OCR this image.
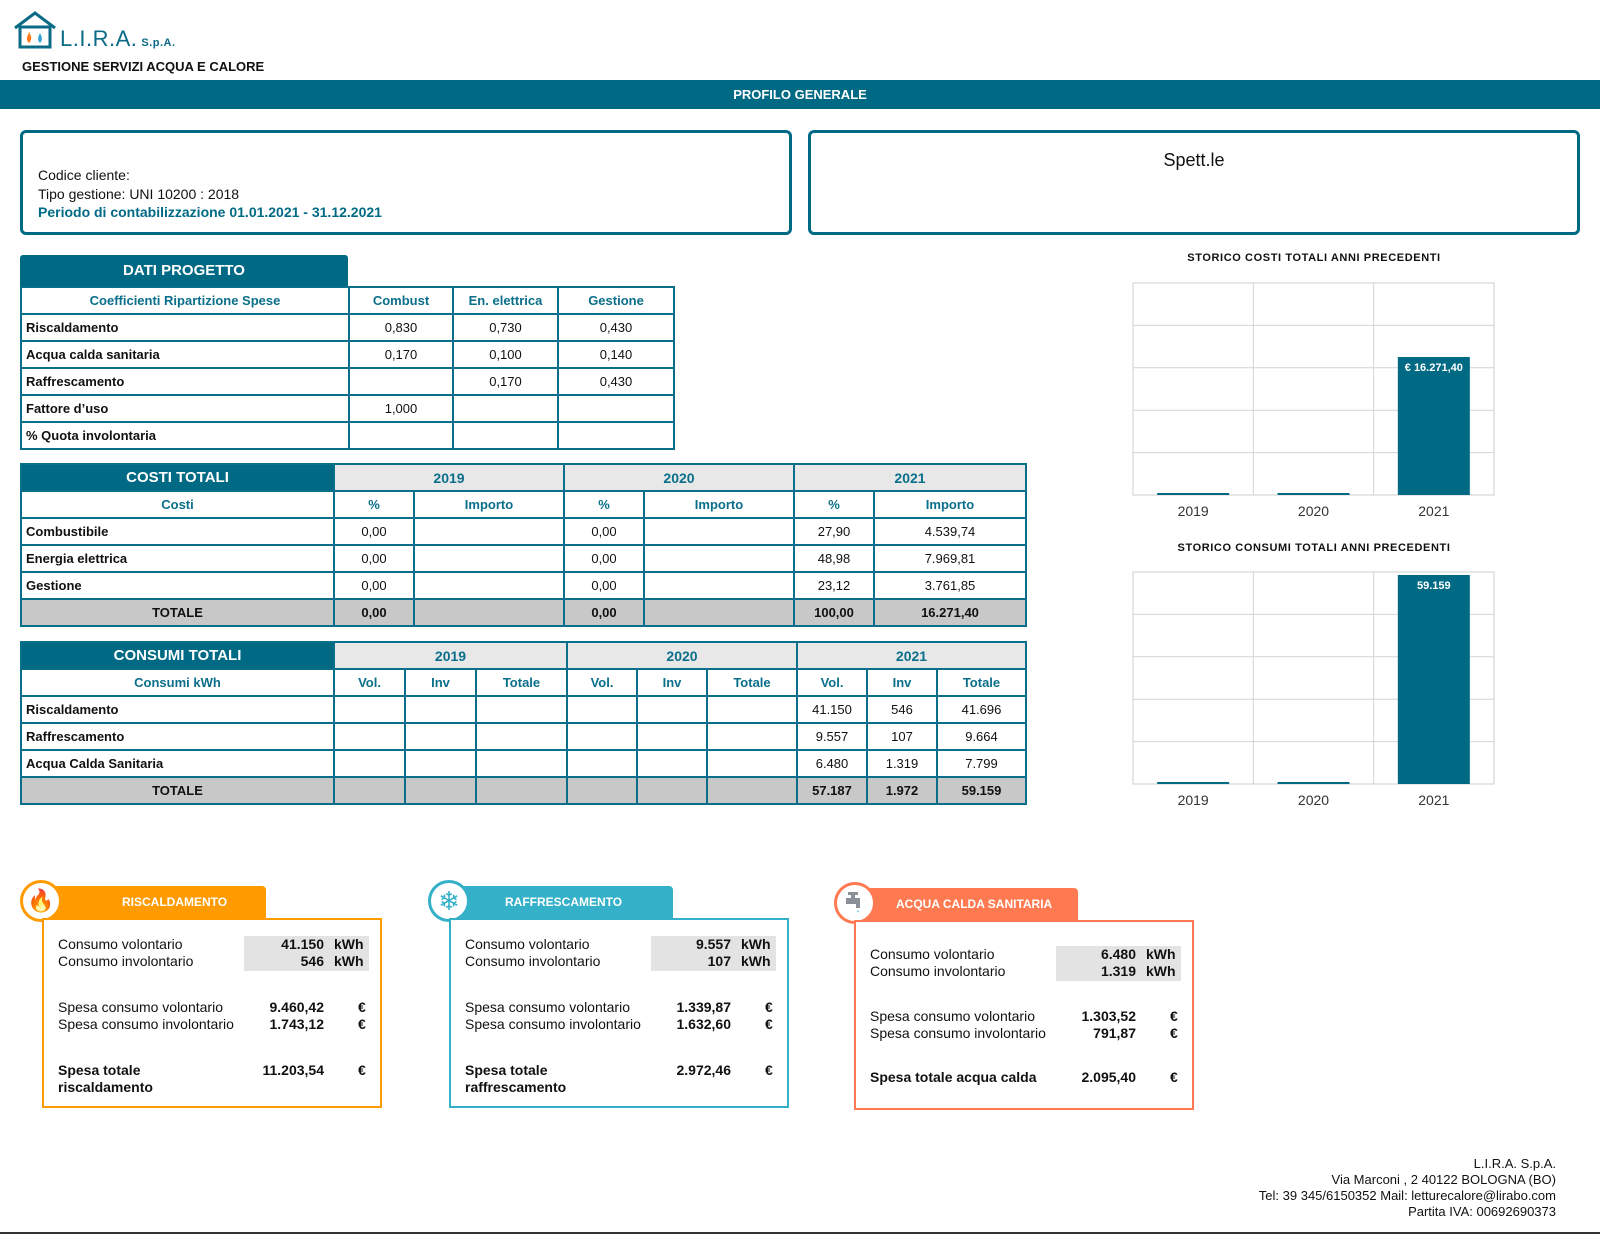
L.I.R.A. S.p.A.
GESTIONE SERVIZI ACQUA E CALORE
PROFILO GENERALE
Codice cliente:
Tipo gestione: UNI 10200 : 2018
Periodo di contabilizzazione 01.01.2021 - 31.12.2021
Spett.le
DATI PROGETTO
Coefficienti Ripartizione Spese	Combust	En. elettrica	Gestione
Riscaldamento	0,830	0,730	0,430
Acqua calda sanitaria	0,170	0,100	0,140
Raffrescamento		0,170	0,430
Fattore d’uso	1,000		
% Quota involontaria			
COSTI TOTALI	2019		2020		2021	
Costi	%	Importo	%	Importo	%	Importo
Combustibile	0,00		0,00		27,90	4.539,74
Energia elettrica	0,00		0,00		48,98	7.969,81
Gestione	0,00		0,00		23,12	3.761,85
TOTALE	0,00		0,00		100,00	16.271,40
CONSUMI TOTALI	2019			2020			2021		
Consumi kWh	Vol.	Inv	Totale	Vol.	Inv	Totale	Vol.	Inv	Totale
Riscaldamento							41.150	546	41.696
Raffrescamento							9.557	107	9.664
Acqua Calda Sanitaria							6.480	1.319	7.799
TOTALE							57.187	1.972	59.159
STORICO COSTI TOTALI ANNI PRECEDENTI
2019	2020
€ 16.271,40
2021
STORICO CONSUMI TOTALI ANNI PRECEDENTI
2019	2020
59.159
2021
RISCALDAMENTO
🔥
Consumo volontario	41.150 kWh
Consumo involontario	546 kWh
Spesa consumo volontario	9.460,42 €
Spesa consumo involontario	1.743,12 €
Spesa totale
riscaldamento
11.203,54 €
RAFFRESCAMENTO
❄
Consumo volontario	9.557 kWh
Consumo involontario	107 kWh
Spesa consumo volontario	1.339,87 €
Spesa consumo involontario	1.632,60 €
Spesa totale
raffrescamento
2.972,46 €
ACQUA CALDA SANITARIA
Consumo volontario	6.480 kWh
Consumo involontario	1.319 kWh
Spesa consumo volontario	1.303,52 €
Spesa consumo involontario	791,87 €
Spesa totale acqua calda	2.095,40 €
L.I.R.A. S.p.A.
Via Marconi , 2 40122 BOLOGNA (BO)
Tel: 39 345/6150352 Mail: letturecalore@lirabo.com
Partita IVA: 00692690373
